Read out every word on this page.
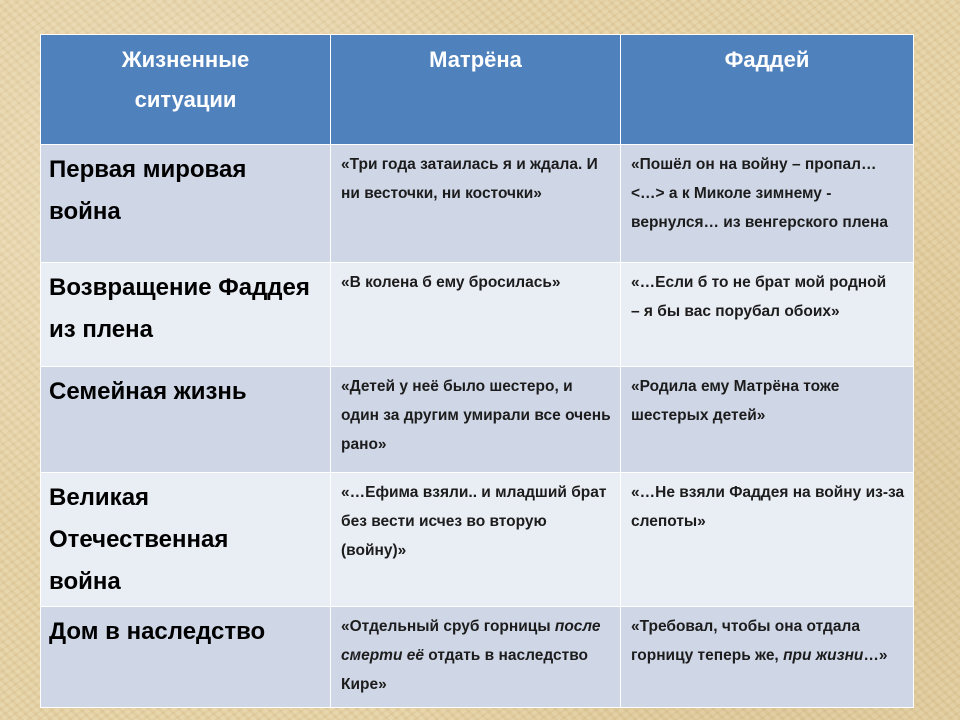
Жизненные ситуации	Матрёна	Фаддей
Первая мировая война	«Три года затаилась я и ждала. И ни весточки, ни косточки»	«Пошёл он на войну – пропал…<…> а к Миколе зимнему - вернулся… из венгерского плена
Возвращение Фаддея из плена	«В колена б ему бросилась»	«…Если б то не брат мой родной – я бы вас порубал обоих»
Семейная жизнь	«Детей у неё было шестеро, и один за другим умирали все очень рано»	«Родила ему Матрёна тоже шестерых детей»
Великая Отечественная война	«…Ефима взяли.. и младший брат без вести исчез во вторую (войну)»	«…Не взяли Фаддея на войну из-за слепоты»
Дом в наследство	«Отдельный сруб горницы после смерти её отдать в наследство Кире»	«Требовал, чтобы она отдала горницу теперь же, при жизни…»
